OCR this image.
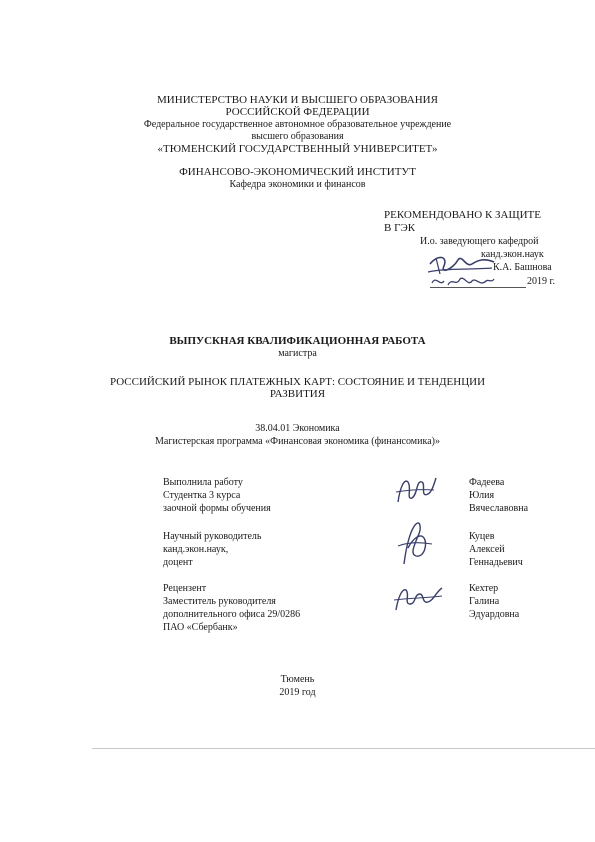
МИНИСТЕРСТВО НАУКИ И ВЫСШЕГО ОБРАЗОВАНИЯ
РОССИЙСКОЙ ФЕДЕРАЦИИ
Федеральное государственное автономное образовательное учреждение
высшего образования
«ТЮМЕНСКИЙ ГОСУДАРСТВЕННЫЙ УНИВЕРСИТЕТ»
ФИНАНСОВО-ЭКОНОМИЧЕСКИЙ ИНСТИТУТ
Кафедра экономики и финансов
РЕКОМЕНДОВАНО К ЗАЩИТЕ
В ГЭК
И.о. заведующего кафедрой
канд.экон.наук
К.А. Башнова
2019 г.
ВЫПУСКНАЯ КВАЛИФИКАЦИОННАЯ РАБОТА
магистра
РОССИЙСКИЙ РЫНОК ПЛАТЕЖНЫХ КАРТ: СОСТОЯНИЕ И ТЕНДЕНЦИИ
РАЗВИТИЯ
38.04.01 Экономика
Магистерская программа «Финансовая экономика (финансомика)»
Выполнила работу
Студентка 3 курса
заочной формы обучения
Фадеева
Юлия
Вячеславовна
Научный руководитель
канд.экон.наук,
доцент
Куцев
Алексей
Геннадьевич
Рецензент
Заместитель руководителя
дополнительного офиса 29/0286
ПАО «Сбербанк»
Кехтер
Галина
Эдуардовна
Тюмень
2019 год
